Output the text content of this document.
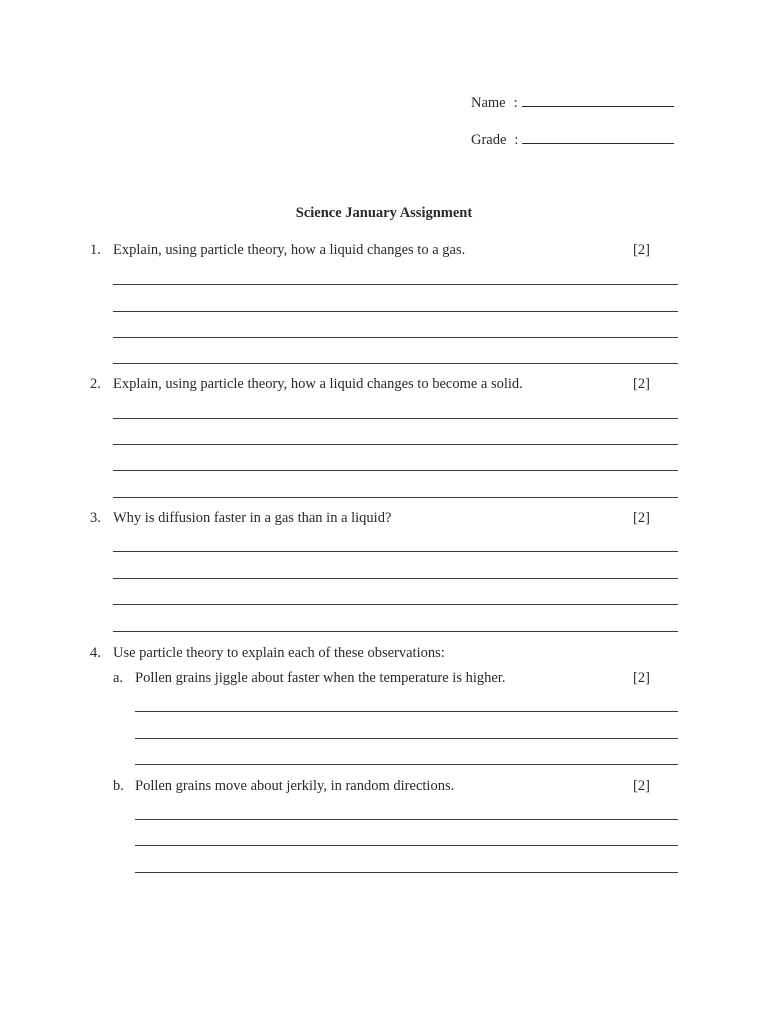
Name :
Grade :
Science January Assignment
1. Explain, using particle theory, how a liquid changes to a gas.	[2]
2. Explain, using particle theory, how a liquid changes to become a solid.	[2]
3. Why is diffusion faster in a gas than in a liquid?	[2]
4. Use particle theory to explain each of these observations:
a. Pollen grains jiggle about faster when the temperature is higher.	[2]
b. Pollen grains move about jerkily, in random directions.	[2]
